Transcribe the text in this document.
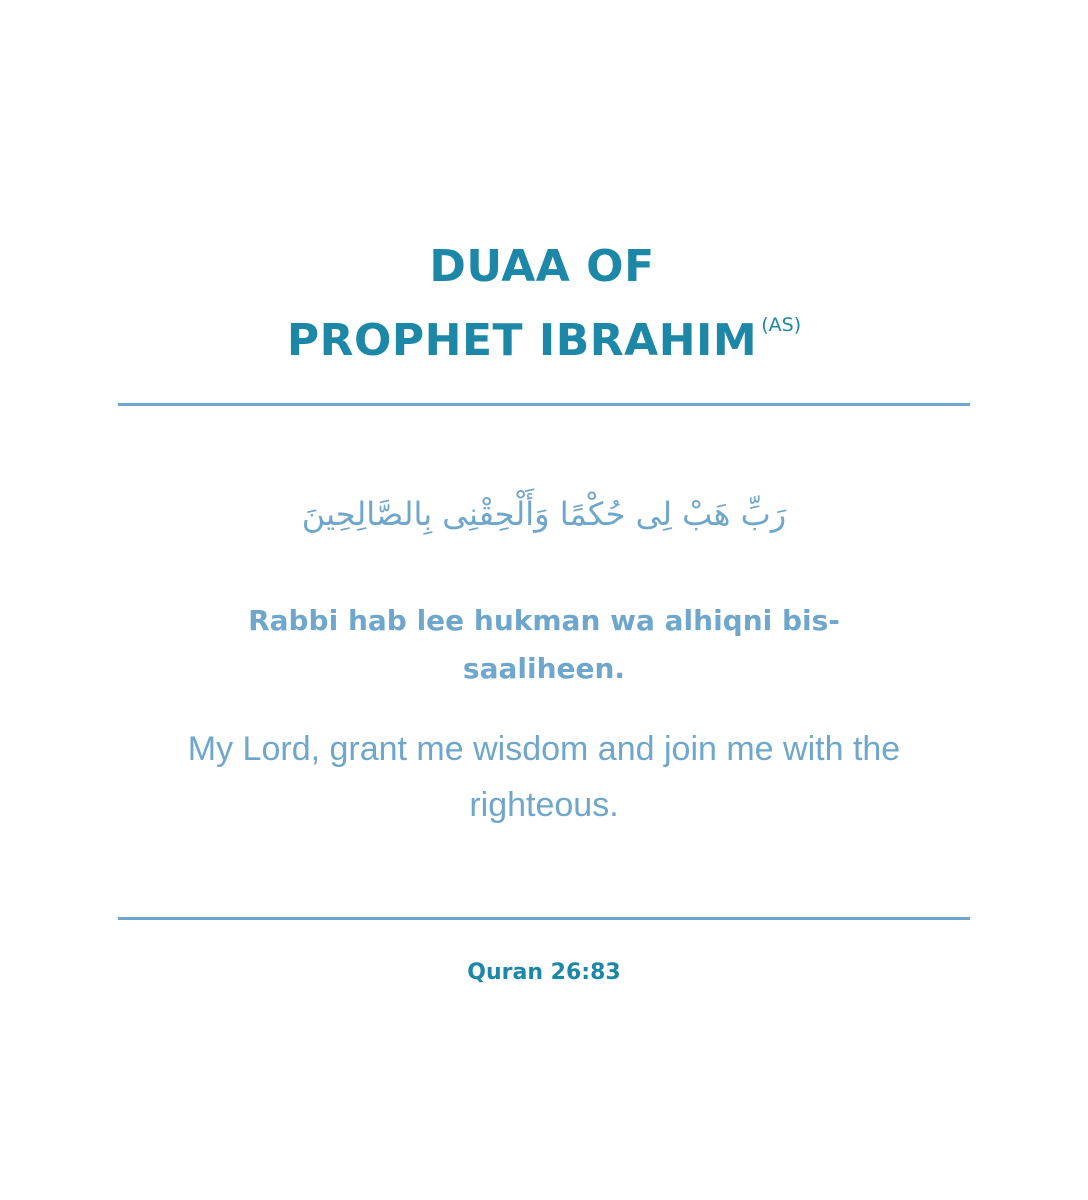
DUAA OF
PROPHET IBRAHIM $^{(AS)}$
رَبِّ هَبْ لِى حُكْمًا وَأَلْحِقْنِى بِالصَّالِحِينَ
Rabbi hab lee hukman wa alhiqni bis-saaliheen.
My Lord, grant me wisdom and join me with the righteous.
Quran 26:83
